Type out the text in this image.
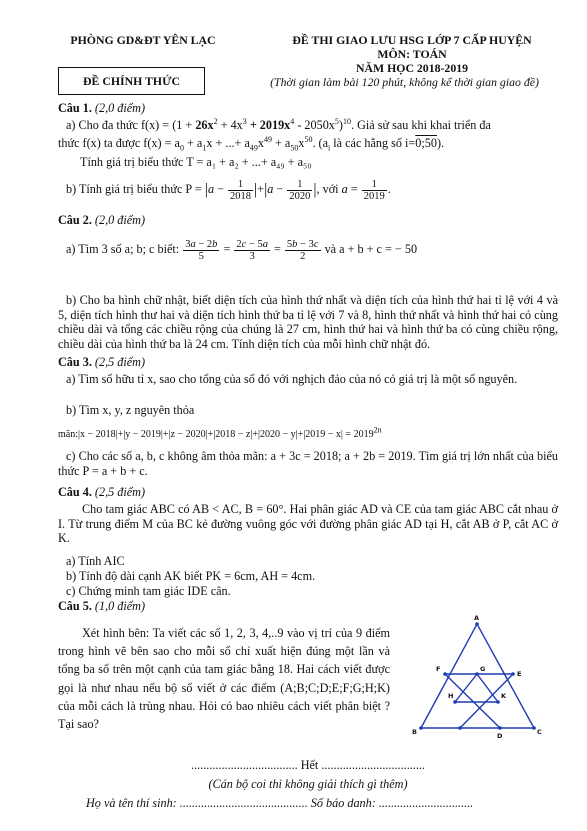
PHÒNG GD&ĐT YÊN LẠC
ĐỀ CHÍNH THỨC
ĐỀ THI GIAO LƯU HSG LỚP 7 CẤP HUYỆN
MÔN: TOÁN
NĂM HỌC 2018-2019
(Thời gian làm bài 120 phút, không kể thời gian giao đề)
Câu 1. (2,0 điểm)
a) Cho đa thức $f(x) = (1 + 26x^2 + 4x^3 + 2019x^4 - 2050x^5)^{10}$. Giả sử sau khi khai triển đa
thức f(x) ta được $f(x) = a_0 + a_1x$ + ...+ $a_{49}x^{49} + a_{50}x^{50}$. ($a_i$ là các hằng số i=0;50).
Tính giá trị biểu thức T = a₁ + a₂ + ...+ a₄₉ + a₅₀
b) Tính giá trị biểu thức $P = |a - \frac{1}{2018} |+|a - \frac{1}{2020}$ |, với $a = \frac{1}{2019}$ .
Câu 2. (2,0 điểm)
a) Tìm 3 số a; b; c biết: $\frac{3a - 2b}{5} = \frac{2c - 5a}{3} = \frac{5b - 3c}{2}$ và a + b + c = − 50
b) Cho ba hình chữ nhật, biết diện tích của hình thứ nhất và diện tích của hình thứ hai tỉ lệ với 4 và 5, diện tích hình thư hai và diện tích hình thứ ba tỉ lệ với 7 và 8, hình thứ nhất và hình thứ hai có cùng chiều dài và tổng các chiều rộng của chúng là 27 cm, hình thứ hai và hình thứ ba có cùng chiều rộng, chiều dài của hình thứ ba là 24 cm. Tính diện tích của mỗi hình chữ nhật đó.
Câu 3. (2,5 điểm)
a) Tìm số hữu tỉ x, sao cho tổng của số đó với nghịch đảo của nó có giá trị là một số nguyên.
b) Tìm x, y, z nguyên thỏa
mãn:|x − $2018|+|y - 2019|+|z - 2020|+|2018 - z|+|2020 - y|+|2019 - x| = 2019^{2n}$
c) Cho các số a, b, c không âm thỏa mãn: a + 3c = 2018; a + 2b = 2019. Tìm giá trị lớn nhất của biểu thức P = a + b + c.
Câu 4. (2,5 điểm)
Cho tam giác ABC có AB < AC, B = 60°. Hai phân giác AD và CE của tam giác ABC cắt nhau ở I. Từ trung điểm M của BC kẻ đường vuông góc với đường phân giác AD tại H, cắt AB ở P, cắt AC ở K.
a) Tính AIC
b) Tính độ dài cạnh AK biết PK = 6cm, AH = 4cm.
c) Chứng minh tam giác IDE cân.
Câu 5. (1,0 điểm)
Xét hình bên: Ta viết các số 1, 2, 3, 4,..9 vào vị trí của 9 điểm trong hình vẽ bên sao cho mỗi số chỉ xuất hiện đúng một lần và tổng ba số trên một cạnh của tam giác bằng 18. Hai cách viết được gọi là như nhau nếu bộ số viết ở các điểm (A;B;C;D;E;F;G;H;K) của mỗi cách là trùng nhau. Hỏi có bao nhiêu cách viết phân biệt ? Tại sao?
A
B	C
D
E
F	G
H	K
................................... Hết ..................................
(Cán bộ coi thi không giải thích gì thêm)
Họ và tên thí sinh: .......................................... Số báo danh: ...............................
